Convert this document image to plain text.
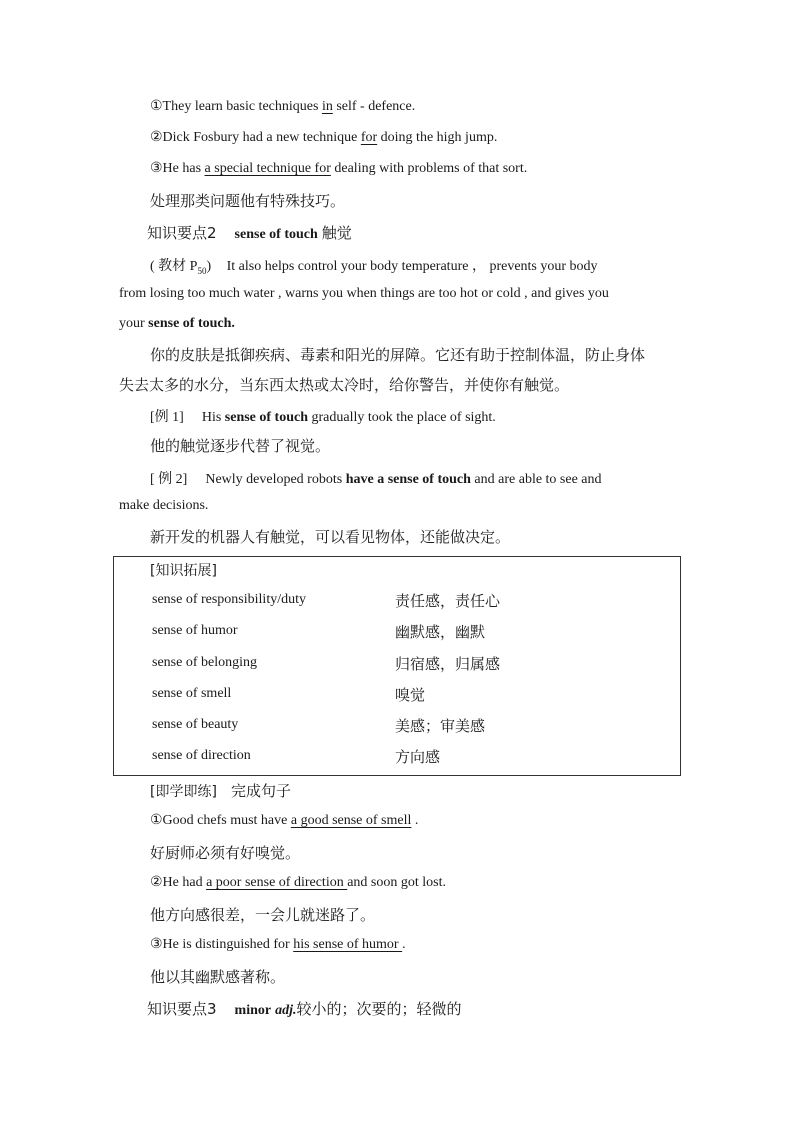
①They learn basic techniques in self - defence.
②Dick Fosbury had a new technique for doing the high jump.
③He has a special technique for dealing with problems of that sort.
处理那类问题他有特殊技巧。
知识要点2 sense of touch 触觉
( 教材 $P_{50}$) It also helps control your body temperature ， prevents your body
from losing too much water , warns you when things are too hot or cold , and gives you
your sense of touch.
你的皮肤是抵御疾病、毒素和阳光的屏障。它还有助于控制体温，防止身体
失去太多的水分，当东西太热或太冷时，给你警告，并使你有触觉。
[例 1] His sense of touch gradually took the place of sight.
他的触觉逐步代替了视觉。
[ 例 2] Newly developed robots have a sense of touch and are able to see and
make decisions.
新开发的机器人有触觉，可以看见物体，还能做决定。
[知识拓展]
sense of responsibility/duty	责任感，责任心
sense of humor	幽默感，幽默
sense of belonging	归宿感，归属感
sense of smell	嗅觉
sense of beauty	美感；审美感
sense of direction	方向感
[即学即练] 完成句子
①Good chefs must have a good sense of smell .
好厨师必须有好嗅觉。
②He had a poor sense of direction and soon got lost.
他方向感很差，一会儿就迷路了。
③He is distinguished for his sense of humor .
他以其幽默感著称。
知识要点3 minor adj.较小的；次要的；轻微的
